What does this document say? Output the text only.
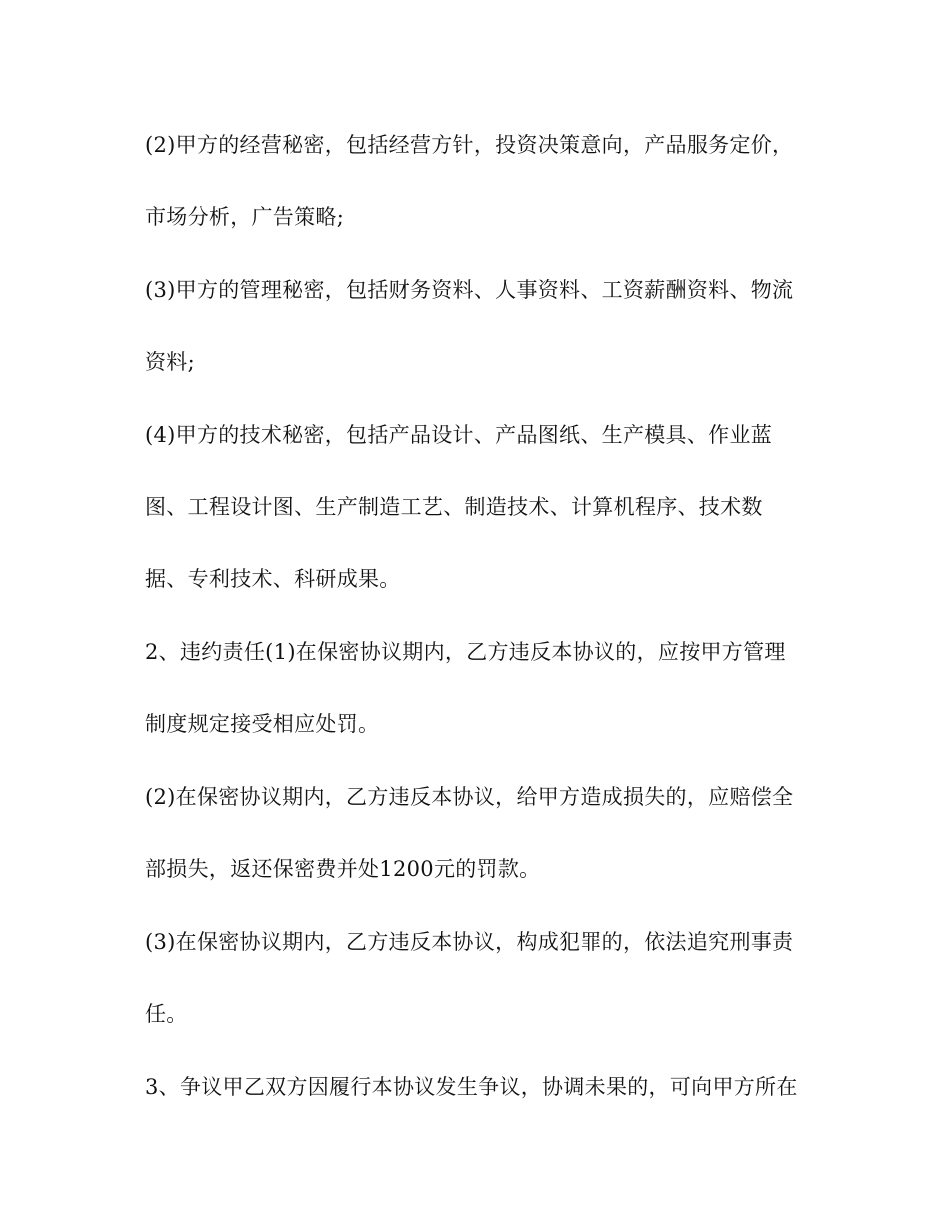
(2)甲方的经营秘密，包括经营方针，投资决策意向，产品服务定价，
市场分析，广告策略;
(3)甲方的管理秘密，包括财务资料、人事资料、工资薪酬资料、物流
资料;
(4)甲方的技术秘密，包括产品设计、产品图纸、生产模具、作业蓝
图、工程设计图、生产制造工艺、制造技术、计算机程序、技术数
据、专利技术、科研成果。
2、违约责任(1)在保密协议期内，乙方违反本协议的，应按甲方管理
制度规定接受相应处罚。
(2)在保密协议期内，乙方违反本协议，给甲方造成损失的，应赔偿全
部损失，返还保密费并处1200元的罚款。
(3)在保密协议期内，乙方违反本协议，构成犯罪的，依法追究刑事责
任。
3、争议甲乙双方因履行本协议发生争议，协调未果的，可向甲方所在
